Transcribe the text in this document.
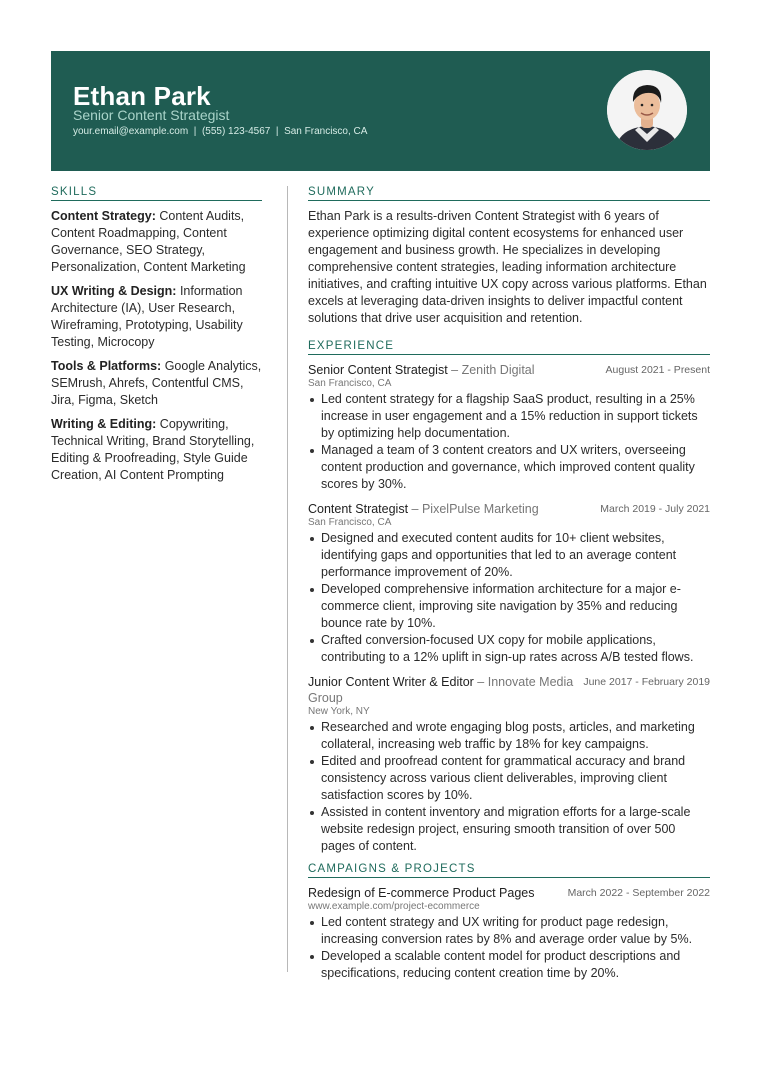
Ethan Park
Senior Content Strategist
your.email@example.com | (555) 123-4567 | San Francisco, CA
SKILLS
Content Strategy: Content Audits, Content Roadmapping, Content Governance, SEO Strategy, Personalization, Content Marketing
UX Writing & Design: Information Architecture (IA), User Research, Wireframing, Prototyping, Usability Testing, Microcopy
Tools & Platforms: Google Analytics, SEMrush, Ahrefs, Contentful CMS, Jira, Figma, Sketch
Writing & Editing: Copywriting, Technical Writing, Brand Storytelling, Editing & Proofreading, Style Guide Creation, AI Content Prompting
SUMMARY
Ethan Park is a results-driven Content Strategist with 6 years of experience optimizing digital content ecosystems for enhanced user engagement and business growth. He specializes in developing comprehensive content strategies, leading information architecture initiatives, and crafting intuitive UX copy across various platforms. Ethan excels at leveraging data-driven insights to deliver impactful content solutions that drive user acquisition and retention.
EXPERIENCE
Senior Content Strategist – Zenith Digital	August 2021 - Present
San Francisco, CA
Led content strategy for a flagship SaaS product, resulting in a 25% increase in user engagement and a 15% reduction in support tickets by optimizing help documentation.
Managed a team of 3 content creators and UX writers, overseeing content production and governance, which improved content quality scores by 30%.
Content Strategist – PixelPulse Marketing	March 2019 - July 2021
San Francisco, CA
Designed and executed content audits for 10+ client websites, identifying gaps and opportunities that led to an average content performance improvement of 20%.
Developed comprehensive information architecture for a major e-commerce client, improving site navigation by 35% and reducing bounce rate by 10%.
Crafted conversion-focused UX copy for mobile applications, contributing to a 12% uplift in sign-up rates across A/B tested flows.
Junior Content Writer & Editor – Innovate Media Group
June 2017 - February 2019
New York, NY
Researched and wrote engaging blog posts, articles, and marketing collateral, increasing web traffic by 18% for key campaigns.
Edited and proofread content for grammatical accuracy and brand consistency across various client deliverables, improving client satisfaction scores by 10%.
Assisted in content inventory and migration efforts for a large-scale website redesign project, ensuring smooth transition of over 500 pages of content.
CAMPAIGNS & PROJECTS
Redesign of E-commerce Product Pages	March 2022 - September 2022
www.example.com/project-ecommerce
Led content strategy and UX writing for product page redesign, increasing conversion rates by 8% and average order value by 5%.
Developed a scalable content model for product descriptions and specifications, reducing content creation time by 20%.
